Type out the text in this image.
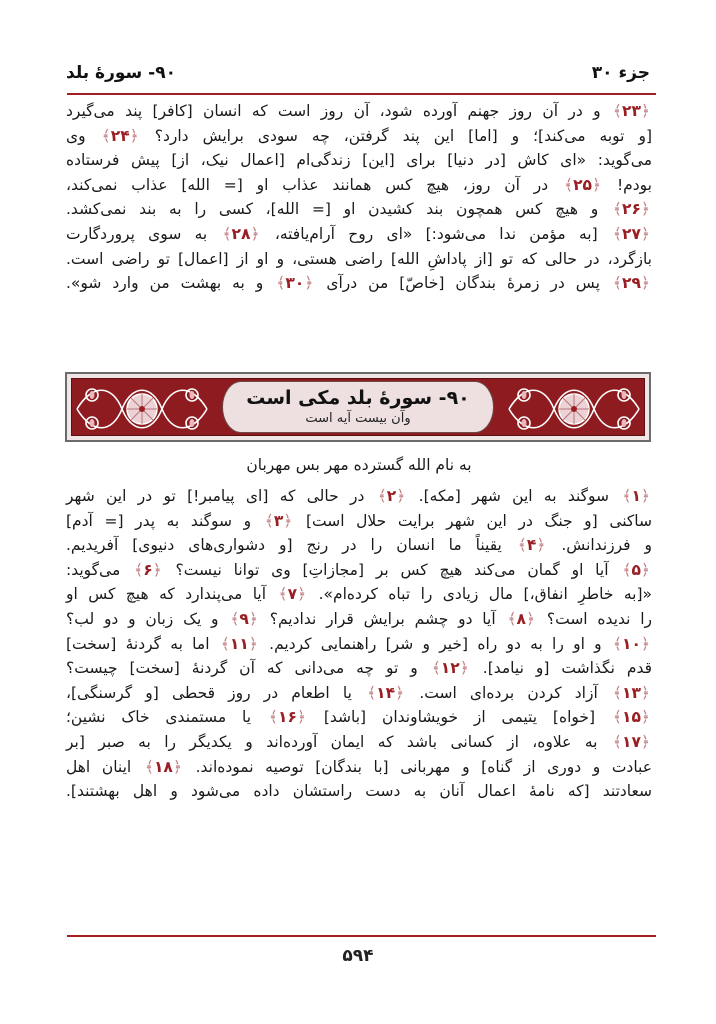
جزء ۳۰
۹۰- سورۀ بلد
﴿۲۳﴾ و در آن روز جهنم آورده شود، آن روز است که انسان [کافر] پند می‌گیرد
[و توبه می‌کند]؛ و [اما] این پند گرفتن، چه سودی برایش دارد؟ ﴿۲۴﴾ وی
می‌گوید: «ای کاش [در دنیا] برای [این] زندگی‌ام [اعمال نیک، از] پیش فرستاده
بودم! ﴿۲۵﴾ در آن روز، هیچ کس همانند عذاب او [= الله] عذاب نمی‌کند،
﴿۲۶﴾ و هیچ کس همچون بند کشیدن او [= الله]، کسی را به بند نمی‌کشد.
﴿۲۷﴾ [به مؤمن ندا می‌شود:] «ای روح آرام‌یافته، ﴿۲۸﴾ به سوی پروردگارت
بازگرد، در حالی که تو [از پاداشِ الله] راضی هستی، و او از [اعمال] تو راضی است.
﴿۲۹﴾ پس در زمرۀ بندگان [خاصّ] من درآی ﴿۳۰﴾ و به بهشت من وارد شو».
۹۰- سورۀ بلد مکی است
وآن بیست آیه است
به نام الله گسترده مهر بس مهربان
﴿۱﴾ سوگند به این شهر [مکه]. ﴿۲﴾ در حالی که [ای پیامبر!] تو در این شهر
ساکنی [و جنگ در این شهر برایت حلال است] ﴿۳﴾ و سوگند به پدر [= آدم]
و فرزندانش. ﴿۴﴾ یقیناً ما انسان را در رنج [و دشواری‌های دنیوی] آفریدیم.
﴿۵﴾ آیا او گمان می‌کند هیچ کس بر [مجازاتِ] وی توانا نیست؟ ﴿۶﴾ می‌گوید:
«[به خاطرِ انفاق،] مال زیادی را تباه کرده‌ام». ﴿۷﴾ آیا می‌پندارد که هیچ کس او
را ندیده است؟ ﴿۸﴾ آیا دو چشم برایش قرار ندادیم؟ ﴿۹﴾ و یک زبان و دو لب؟
﴿۱۰﴾ و او را به دو راه [خیر و شر] راهنمایی کردیم. ﴿۱۱﴾ اما به گردنۀ [سخت]
قدم نگذاشت [و نیامد]. ﴿۱۲﴾ و تو چه می‌دانی که آن گردنۀ [سخت] چیست؟
﴿۱۳﴾ آزاد کردن برده‌ای است. ﴿۱۴﴾ یا اطعام در روز قحطی [و گرسنگی]،
﴿۱۵﴾ [خواه] یتیمی از خویشاوندان [باشد] ﴿۱۶﴾ یا مستمندی خاک نشین؛
﴿۱۷﴾ به علاوه، از کسانی باشد که ایمان آورده‌اند و یکدیگر را به صبر [بر
عبادت و دوری از گناه] و مهربانی [با بندگان] توصیه نموده‌اند. ﴿۱۸﴾ اینان اهل
سعادتند [که نامۀ اعمال آنان به دست راستشان داده می‌شود و اهل بهشتند].
۵۹۴
